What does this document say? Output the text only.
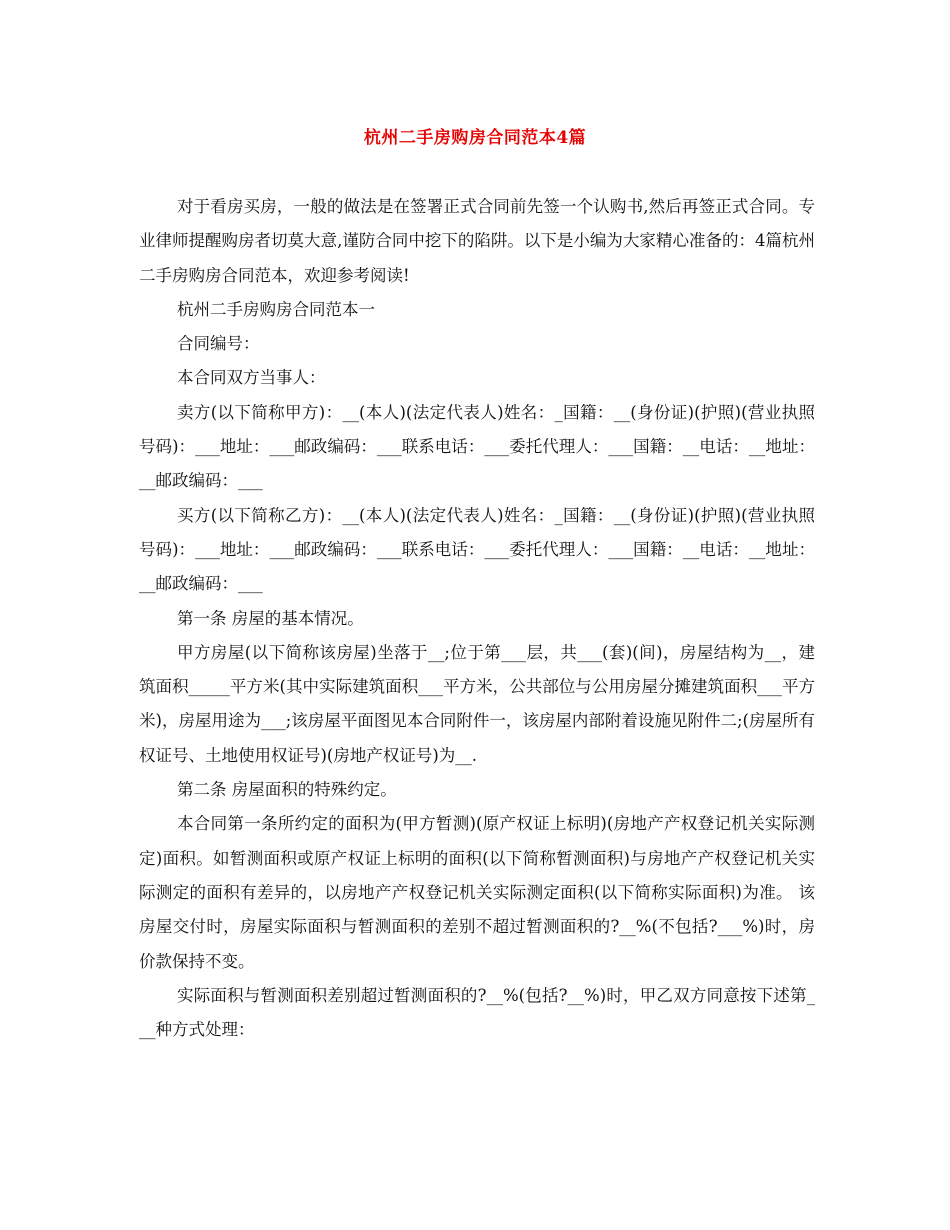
杭州二手房购房合同范本4篇

对于看房买房，一般的做法是在签署正式合同前先签一个认购书,然后再签正式合同。专业律师提醒购房者切莫大意,谨防合同中挖下的陷阱。以下是小编为大家精心准备的：4篇杭州二手房购房合同范本，欢迎参考阅读!

杭州二手房购房合同范本一

合同编号：

本合同双方当事人：

卖方(以下简称甲方)：__(本人)(法定代表人)姓名：_国籍：__(身份证)(护照)(营业执照号码)：___地址：___邮政编码：___联系电话：___委托代理人：___国籍：__电话：__地址：__邮政编码：___

买方(以下简称乙方)：__(本人)(法定代表人)姓名：_国籍：__(身份证)(护照)(营业执照号码)：___地址：___邮政编码：___联系电话：___委托代理人：___国籍：__电话：__地址：__邮政编码：___

第一条 房屋的基本情况。

甲方房屋(以下简称该房屋)坐落于__;位于第___层，共___(套)(间)，房屋结构为__，建筑面积_____平方米(其中实际建筑面积___平方米，公共部位与公用房屋分摊建筑面积___平方米)，房屋用途为___;该房屋平面图见本合同附件一，该房屋内部附着设施见附件二;(房屋所有权证号、土地使用权证号)(房地产权证号)为__.

第二条 房屋面积的特殊约定。

本合同第一条所约定的面积为(甲方暂测)(原产权证上标明)(房地产产权登记机关实际测定)面积。如暂测面积或原产权证上标明的面积(以下简称暂测面积)与房地产产权登记机关实际测定的面积有差异的，以房地产产权登记机关实际测定面积(以下简称实际面积)为准。 该房屋交付时，房屋实际面积与暂测面积的差别不超过暂测面积的?__%(不包括?___%)时，房价款保持不变。

实际面积与暂测面积差别超过暂测面积的?__%(包括?__%)时，甲乙双方同意按下述第___种方式处理：
